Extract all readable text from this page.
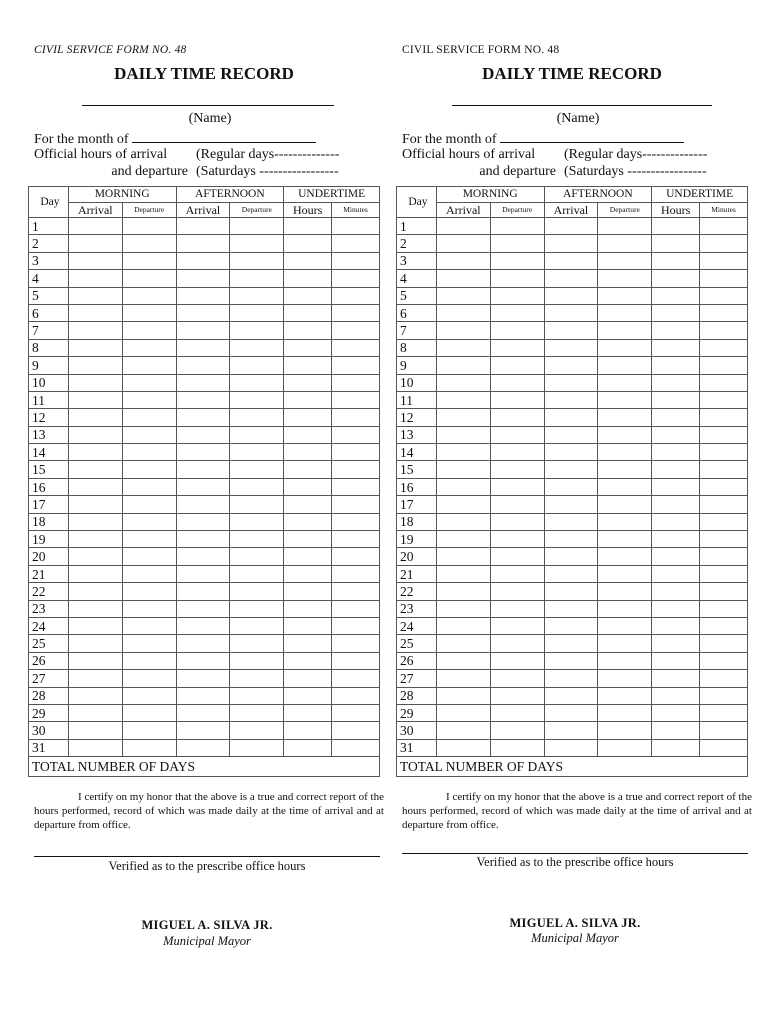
CIVIL SERVICE FORM NO. 48
DAILY TIME RECORD
(Name)
For the month of
Official hours of arrival (Regular days--------------
and departure (Saturdays -----------------
Day	MORNING		AFTERNOON		UNDERTIME	
	Arrival	Departure	Arrival	Departure	Hours	Minutes
1						
2						
3						
4						
5						
6						
7						
8						
9						
10						
11						
12						
13						
14						
15						
16						
17						
18						
19						
20						
21						
22						
23						
24						
25						
26						
27						
28						
29						
30						
31						
TOTAL NUMBER OF DAYS						
I certify on my honor that the above is a true and correct report of the hours performed, record of which was made daily at the time of arrival and at departure from office.
Verified as to the prescribe office hours
MIGUEL A. SILVA JR.
Municipal Mayor
CIVIL SERVICE FORM NO. 48
DAILY TIME RECORD
(Name)
For the month of
Official hours of arrival (Regular days--------------
and departure (Saturdays -----------------
Day	MORNING		AFTERNOON		UNDERTIME	
	Arrival	Departure	Arrival	Departure	Hours	Minutes
1						
2						
3						
4						
5						
6						
7						
8						
9						
10						
11						
12						
13						
14						
15						
16						
17						
18						
19						
20						
21						
22						
23						
24						
25						
26						
27						
28						
29						
30						
31						
TOTAL NUMBER OF DAYS						
I certify on my honor that the above is a true and correct report of the hours performed, record of which was made daily at the time of arrival and at departure from office.
Verified as to the prescribe office hours
MIGUEL A. SILVA JR.
Municipal Mayor
